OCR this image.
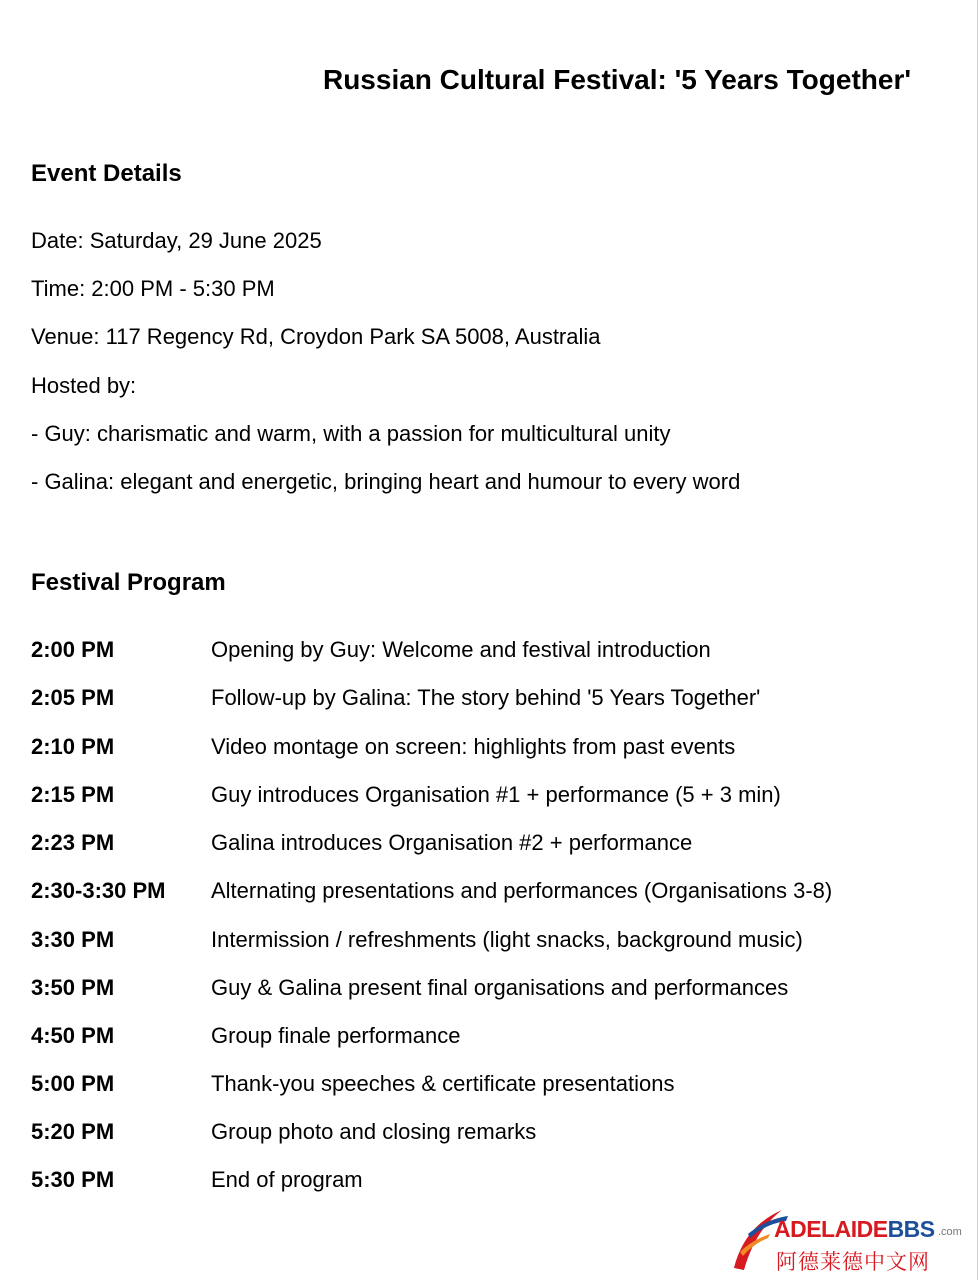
Russian Cultural Festival: '5 Years Together'
Event Details

Date: Saturday, 29 June 2025

Time: 2:00 PM - 5:30 PM

Venue: 117 Regency Rd, Croydon Park SA 5008, Australia

Hosted by:

- Guy: charismatic and warm, with a passion for multicultural unity

- Galina: elegant and energetic, bringing heart and humour to every word

Festival Program
2:00 PM	Opening by Guy: Welcome and festival introduction
2:05 PM	Follow-up by Galina: The story behind '5 Years Together'
2:10 PM	Video montage on screen: highlights from past events
2:15 PM	Guy introduces Organisation #1 + performance (5 + 3 min)
2:23 PM	Galina introduces Organisation #2 + performance
2:30-3:30 PM Alternating presentations and performances (Organisations 3-8)
3:30 PM	Intermission / refreshments (light snacks, background music)
3:50 PM	Guy & Galina present final organisations and performances
4:50 PM	Group finale performance
5:00 PM	Thank-you speeches & certificate presentations
5:20 PM	Group photo and closing remarks
5:30 PM	End of program
ADELAIDEBBS .com
阿德莱德中文网
